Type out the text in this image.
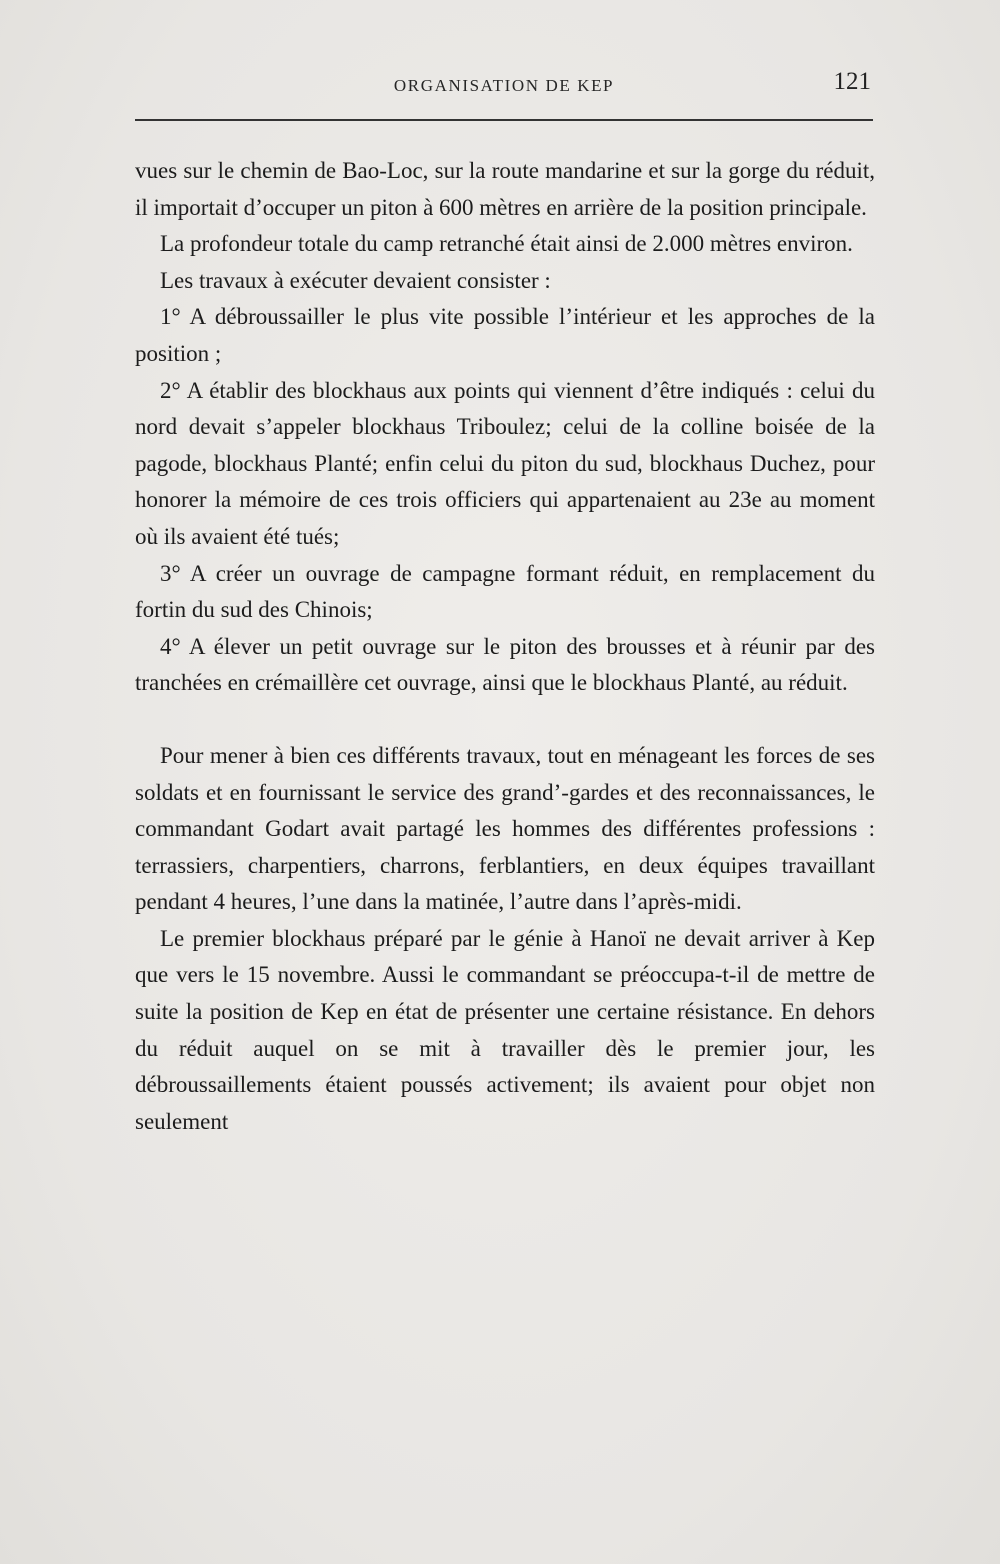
ORGANISATION DE KEP	121

vues sur le chemin de Bao-Loc, sur la route mandarine et sur la gorge du réduit, il importait d’occuper un piton à 600 mètres en arrière de la position principale.

La profondeur totale du camp retranché était ainsi de 2.000 mètres environ.

Les travaux à exécuter devaient consister :

1° A débroussailler le plus vite possible l’intérieur et les approches de la position ;

2° A établir des blockhaus aux points qui viennent d’être indiqués : celui du nord devait s’appeler blockhaus Triboulez; celui de la colline boisée de la pagode, blockhaus Planté; enfin celui du piton du sud, blockhaus Duchez, pour honorer la mémoire de ces trois officiers qui appartenaient au 23e au moment où ils avaient été tués;

3° A créer un ouvrage de campagne formant réduit, en remplacement du fortin du sud des Chinois;

4° A élever un petit ouvrage sur le piton des brousses et à réunir par des tranchées en crémaillère cet ouvrage, ainsi que le blockhaus Planté, au réduit.

Pour mener à bien ces différents travaux, tout en ménageant les forces de ses soldats et en fournissant le service des grand’-gardes et des reconnaissances, le commandant Godart avait partagé les hommes des différentes professions : terrassiers, charpentiers, charrons, ferblantiers, en deux équipes travaillant pendant 4 heures, l’une dans la matinée, l’autre dans l’après-midi.

Le premier blockhaus préparé par le génie à Hanoï ne devait arriver à Kep que vers le 15 novembre. Aussi le commandant se préoccupa-t-il de mettre de suite la position de Kep en état de présenter une certaine résistance. En dehors du réduit auquel on se mit à travailler dès le premier jour, les débroussaillements étaient poussés activement; ils avaient pour objet non seulement
